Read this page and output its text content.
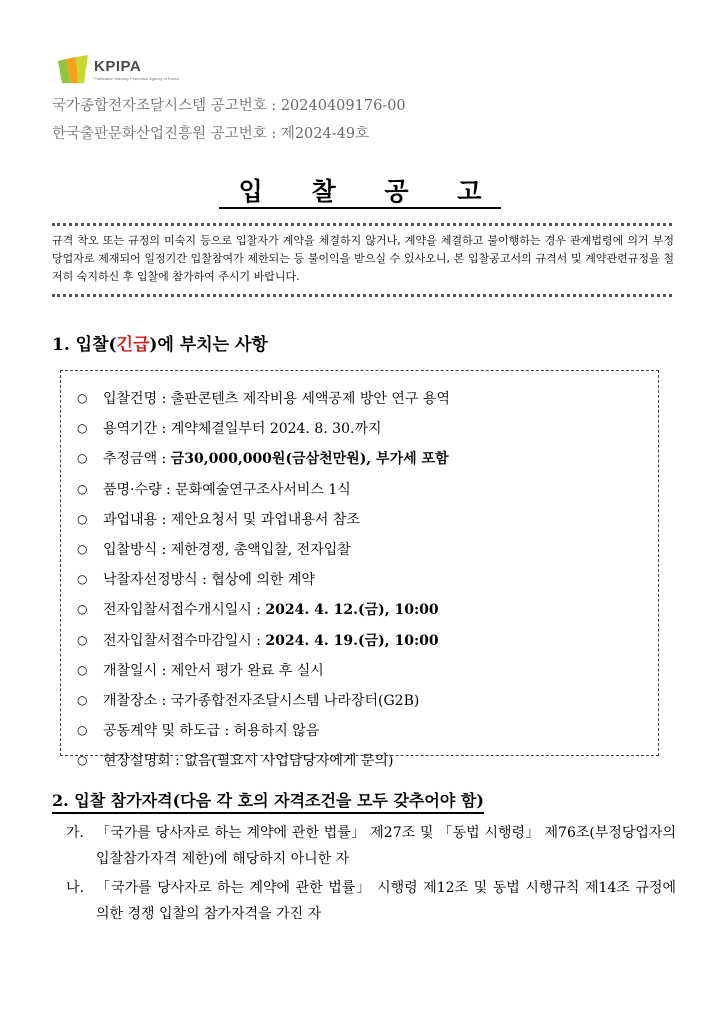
KPIPA
Publication Industry Promotion Agency of Korea
국가종합전자조달시스템 공고번호 : 20240409176-00
한국출판문화산업진흥원 공고번호 : 제2024-49호
입 찰 공 고
규격 착오 또는 규정의 미숙지 등으로 입찰자가 계약을 체결하지 않거나, 계약을 체결하고 불이행하는 경우 관계법령에 의거 부정당업자로 제재되어 일정기간 입찰참여가 제한되는 등 불이익을 받으실 수 있사오니, 본 입찰공고서의 규격서 및 계약관련규정을 철저히 숙지하신 후 입찰에 참가하여 주시기 바랍니다.
1. 입찰(긴급)에 부치는 사항
○	입찰건명 : 출판콘텐츠 제작비용 세액공제 방안 연구 용역
○	용역기간 : 계약체결일부터 2024. 8. 30.까지
○	추정금액 : 금30,000,000원(금삼천만원), 부가세 포함
○	품명·수량 : 문화예술연구조사서비스 1식
○	과업내용 : 제안요청서 및 과업내용서 참조
○	입찰방식 : 제한경쟁, 총액입찰, 전자입찰
○	낙찰자선정방식 : 협상에 의한 계약
○	전자입찰서접수개시일시 : 2024. 4. 12.(금), 10:00
○	전자입찰서접수마감일시 : 2024. 4. 19.(금), 10:00
○	개찰일시 : 제안서 평가 완료 후 실시
○	개찰장소 : 국가종합전자조달시스템 나라장터(G2B)
○	공동계약 및 하도급 : 허용하지 않음
○	현장설명회 : 없음(필요시 사업담당자에게 문의)
2. 입찰 참가자격(다음 각 호의 자격조건을 모두 갖추어야 함)
가. 「국가를 당사자로 하는 계약에 관한 법률」 제27조 및 「동법 시행령」 제76조(부정당업자의 입찰참가자격 제한)에 해당하지 아니한 자
나. 「국가를 당사자로 하는 계약에 관한 법률」 시행령 제12조 및 동법 시행규칙 제14조 규정에 의한 경쟁 입찰의 참가자격을 가진 자
